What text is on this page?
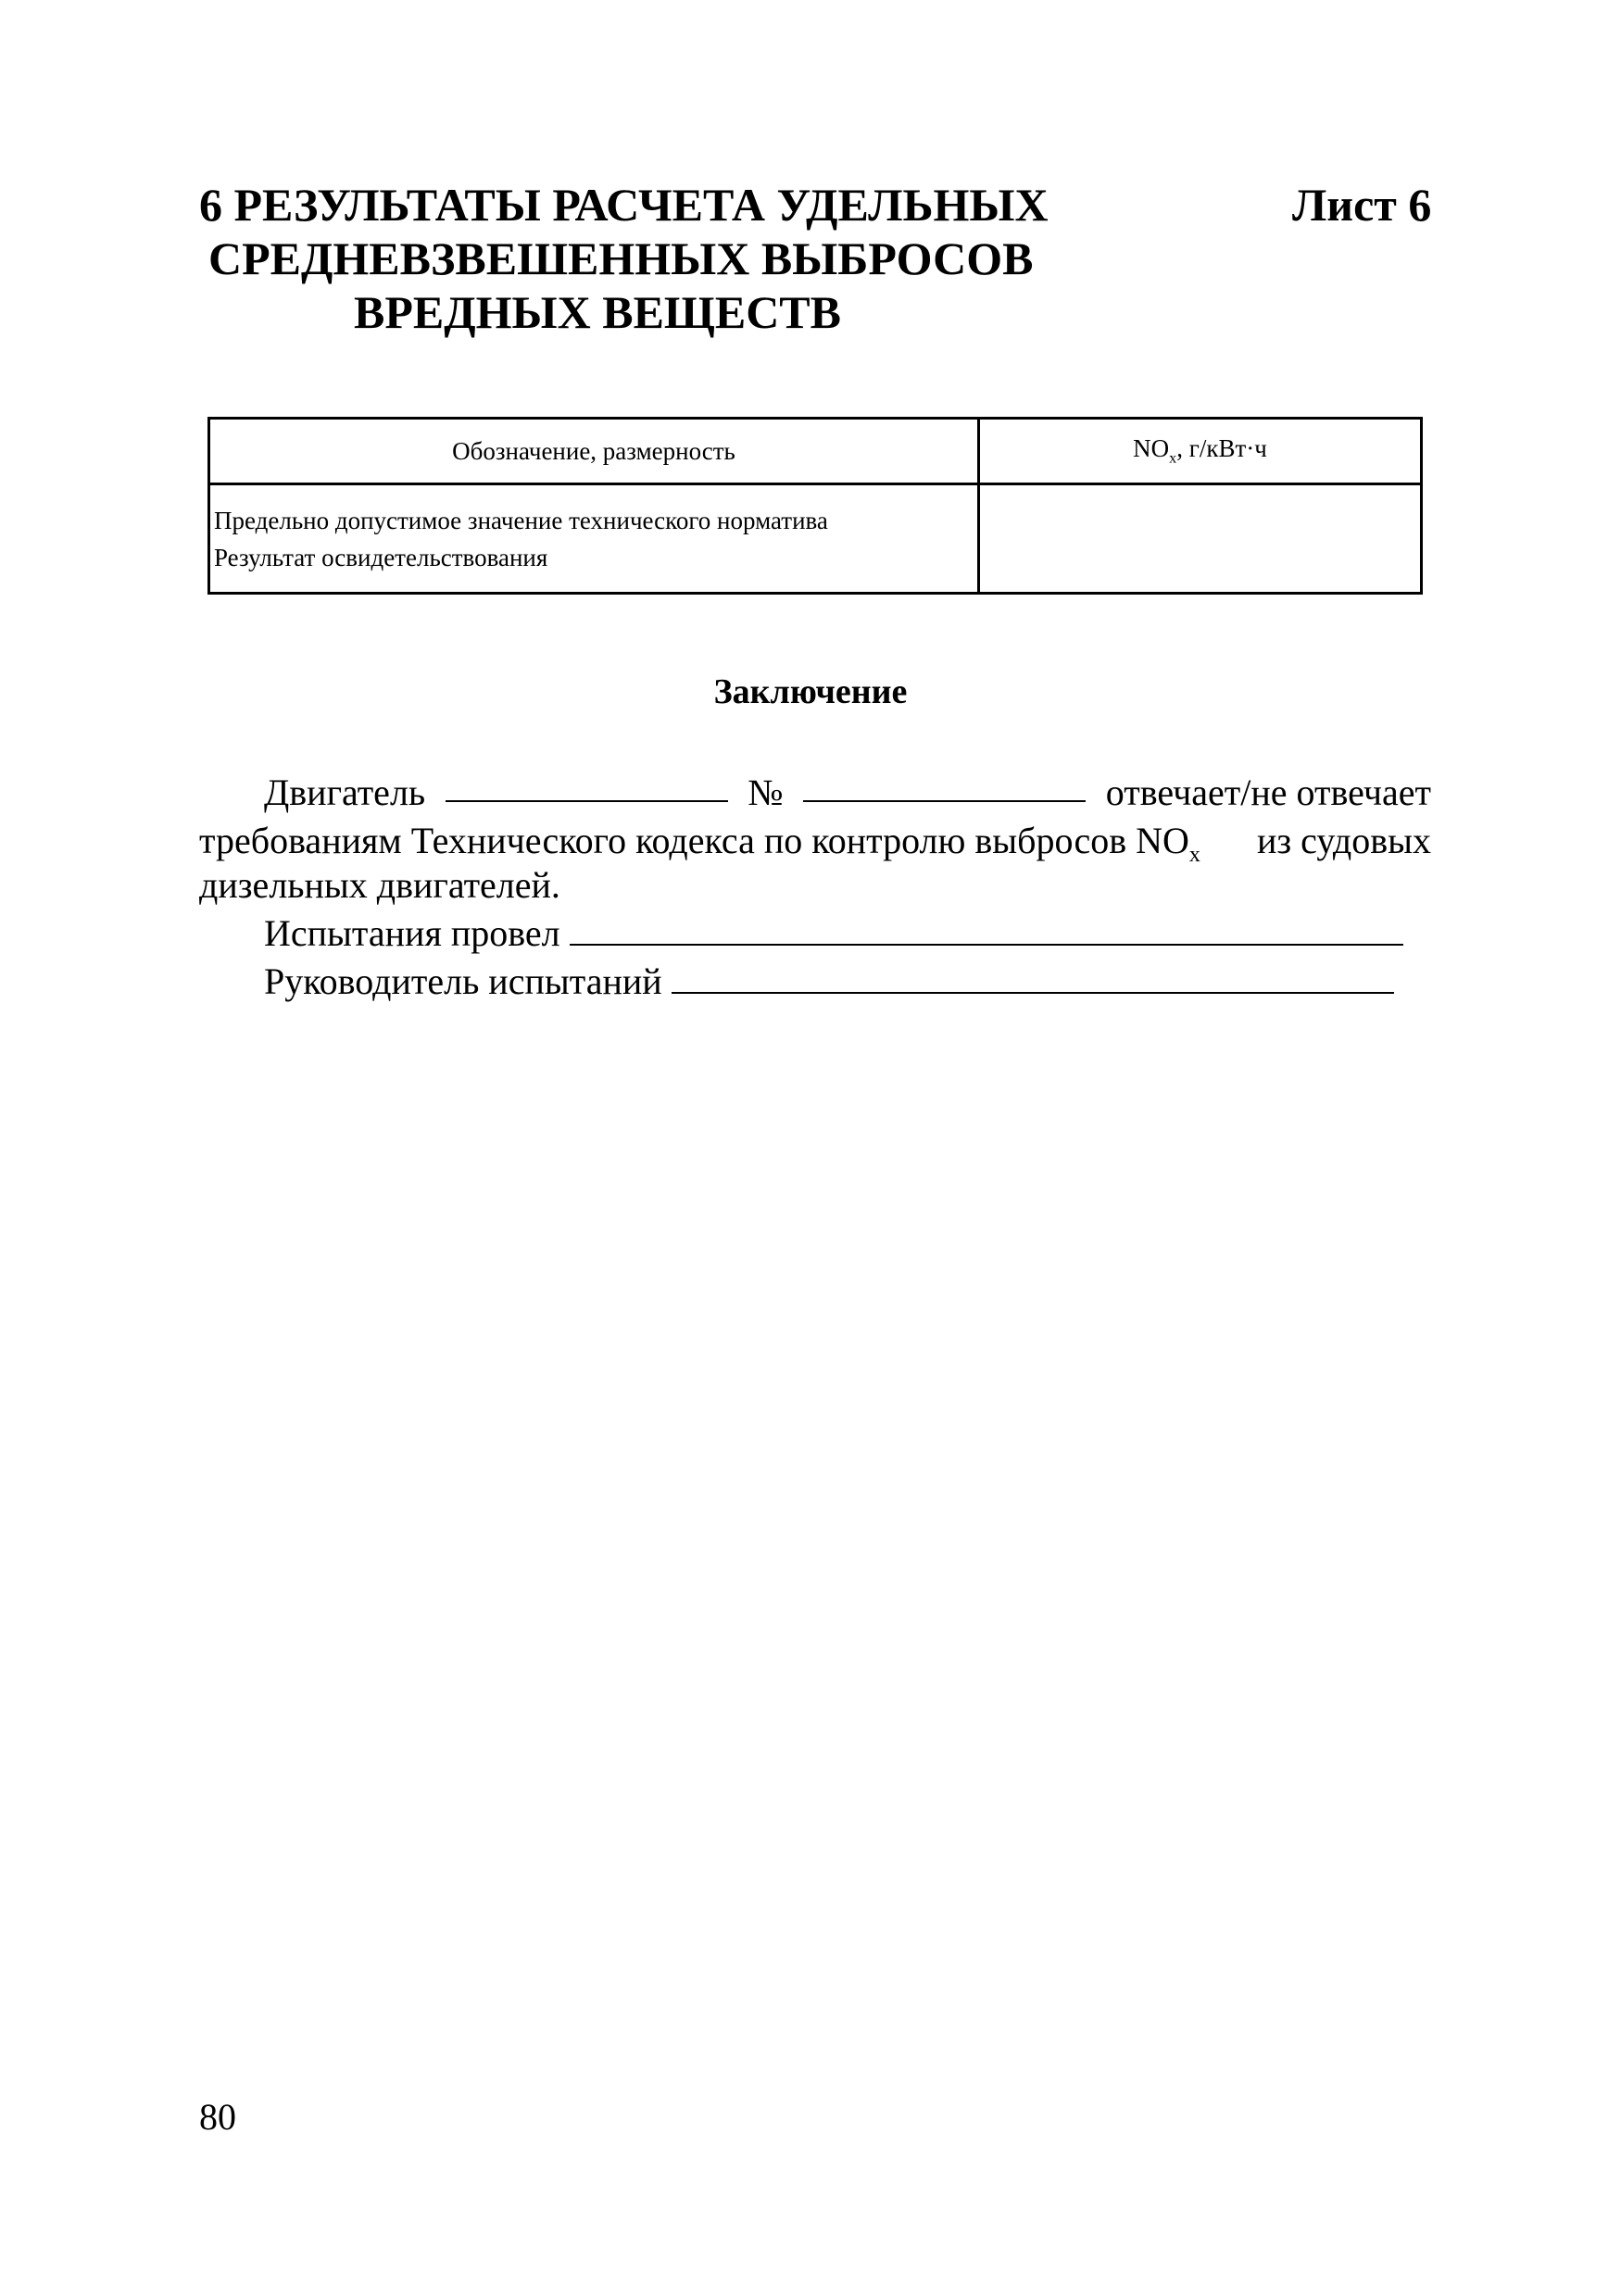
6 РЕЗУЛЬТАТЫ РАСЧЕТА УДЕЛЬНЫХ	Лист 6
СРЕДНЕВЗВЕШЕННЫХ ВЫБРОСОВ
ВРЕДНЫХ ВЕЩЕСТВ
Обозначение, размерность	$NO_x$, г/кВт·ч

Предельно допустимое значение технического норматива
Результат освидетельствования	

Заключение
Двигатель	№	отвечает/не отвечает
требованиям Технического кодекса по контролю выбросов $NO_x$ из судовых
дизельных двигателей.
Испытания провел
Руководитель испытаний
80
